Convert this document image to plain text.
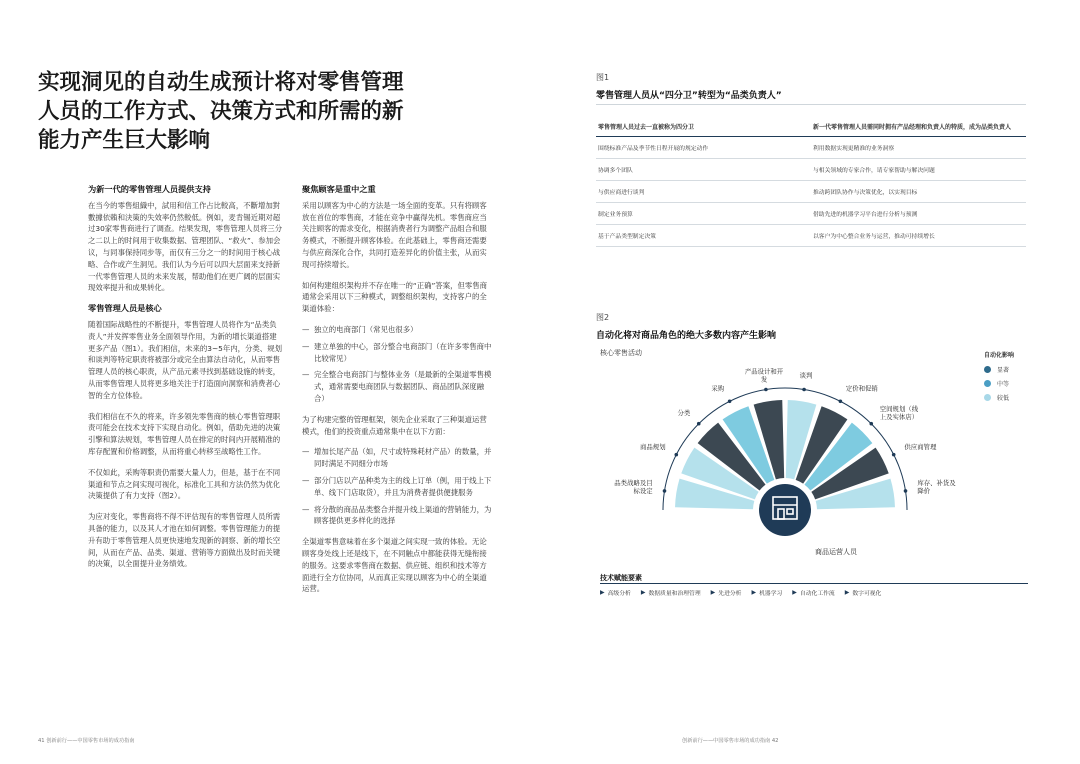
实现洞见的自动生成预计将对零售管理人员的工作方式、决策方式和所需的新能力产生巨大影响
为新一代的零售管理人员提供支持

在当今的零售組織中，試用和信工作占比較高，不斷增加對數據依賴和決策的失效率仍然較低。例如，麦肯锡近期对超过30家零售商进行了调查。结果发现，零售管理人员将三分之二以上的时间用于收集数据、管理团队、“救火”、参加会议，与同事保持同步等，而仅有三分之一的时间用于核心战略、合作或产生洞见。我们认为今后可以四大层面来支持新一代零售管理人员的未来发展，帮助他们在更广阔的层面实现效率提升和成果转化。

零售管理人员是核心

随着国际战略性的不断提升，零售管理人员将作为“品类负责人”并发挥零售业务全面领导作用，为新的增长渠道搭建更多产品（图1）。我们相信，未来的3~5年内，分类、规划和谈判等特定职责将被部分或完全由算法自动化，从而零售管理人员的核心职责，从产品元素寻找到基础设施的转变，从而零售管理人员将更多地关注于打造面向洞察和消费者心智的全方位体验。

我们相信在不久的将来，许多领先零售商的核心零售管理职责可能会在技术支持下实现自动化。例如，借助先进的决策引擎和算法规划，零售管理人员在排定的时间内开展精准的库存配置和价格调整，从而将重心转移至战略性工作。

不仅如此，采购等职责仍需要大量人力，但是，基于在不同渠道和节点之间实现可视化，标准化工具和方法仍然为优化决策提供了有力支持（图2）。

为应对变化，零售商将不得不评估现有的零售管理人员所需具备的能力，以及其人才池在如何调整。零售管理能力的提升有助于零售管理人员更快速地发现新的洞察、新的增长空间，从而在产品、品类、渠道、营销等方面做出及时而关键的决策，以全面提升业务绩效。

聚焦顾客是重中之重

采用以顾客为中心的方法是一场全面的变革。只有将顾客放在首位的零售商，才能在竞争中赢得先机。零售商应当关注顾客的需求变化，根据消费者行为调整产品组合和服务模式，不断提升顾客体验。在此基础上，零售商还需要与供应商深化合作，共同打造差异化的价值主张，从而实现可持续增长。

如何构建组织架构并不存在唯一的“正确”答案，但零售商通常会采用以下三种模式，调整组织架构，支持客户的全渠道体验：

— 独立的电商部门（常见也很多）
— 建立单独的中心，部分整合电商部门（在许多零售商中比较常见）
— 完全整合电商部门与整体业务（是最新的全渠道零售模式，通常需要电商团队与数据团队、商品团队深度融合）

为了构建完整的管理框架，领先企业采取了三种渠道运营模式，他们的投资重点通常集中在以下方面：

— 增加长尾产品（如，尺寸或特殊耗材产品）的数量，并同时满足不同细分市场
— 部分门店以产品种类为主的线上订单（例，用于线上下单、线下门店取货），并且为消费者提供便捷服务
— 将分散的商品品类整合并提升线上渠道的营销能力，为顾客提供更多样化的选择

全渠道零售意味着在多个渠道之间实现一致的体验。无论顾客身处线上还是线下，在不同触点中都能获得无缝衔接的服务。这要求零售商在数据、供应链、组织和技术等方面进行全方位协同，从而真正实现以顾客为中心的全渠道运营。

41 创新前行——中国零售市场的成功指南
图1
零售管理人员从“四分卫”转型为“品类负责人”
零售管理人员过去一直被称为四分卫	新一代零售管理人员需同时拥有产品经理和负责人的特质，成为品类负责人
围绕标准产品及季节性日程开展的规定动作	利用数据实现更精准的业务洞察
协调多个团队	与相关领域的专家合作，请专家帮助与解决问题
与供应商进行谈判	推动跨团队协作与决策优化，以实现目标
制定业务预算	借助先进的机器学习平台进行分析与预测
基于产品类型制定决策	以客户为中心整合业务与运营，推动可持续增长
图2
自动化将对商品角色的绝大多数内容产生影响
核心零售活动	自动化影响
显著
中等
较低
品类战略及目标设定
商品规划
分类
采购
产品设计和开发	谈判
定价和促销
空间规划（线上及实体店）
供应商管理
库存、补货及降价
商品运营人员
技术赋能要素
▶ 高级分析 ▶ 数据质量和治理管理 ▶ 先进分析 ▶ 机器学习 ▶ 自动化工作流 ▶ 数字可视化
创新前行——中国零售市场的成功指南 42
